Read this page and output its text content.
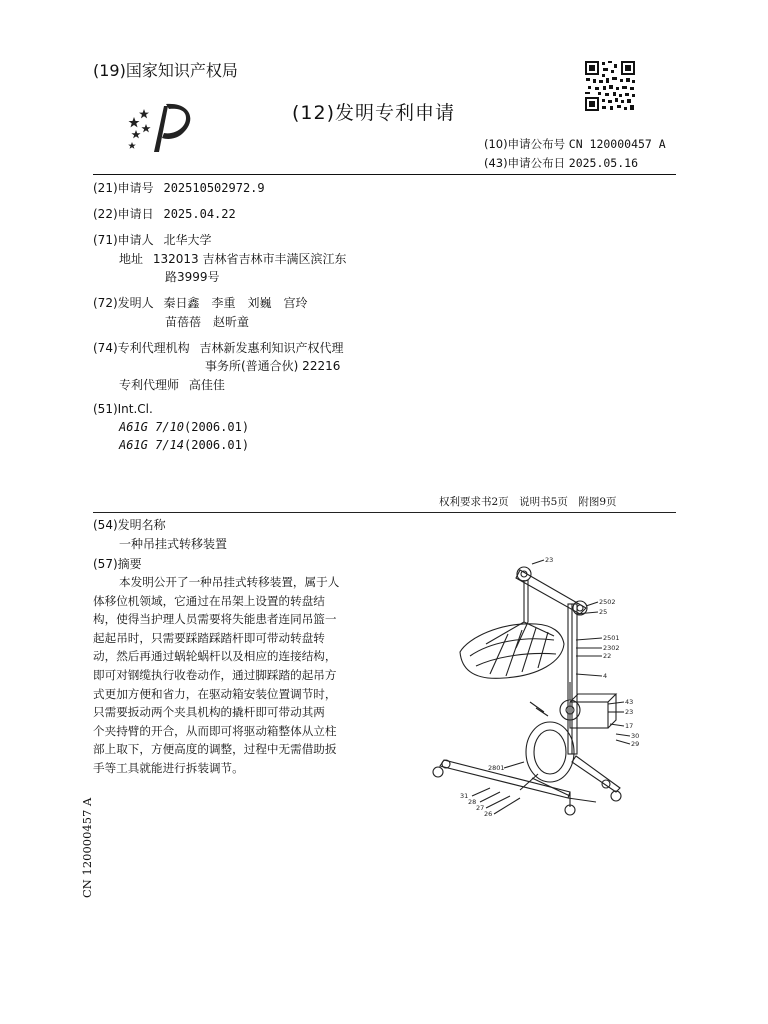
(19)国家知识产权局
(12)发明专利申请
(10)申请公布号 CN 120000457 A
(43)申请公布日 2025.05.16
(21)申请号 202510502972.9
(22)申请日 2025.04.22
(71)申请人 北华大学
地址 132013 吉林省吉林市丰满区滨江东
路3999号
(72)发明人 秦日鑫　李重　刘巍　宫玲
苗蓓蓓　赵昕童
(74)专利代理机构 吉林新发惠利知识产权代理
事务所(普通合伙) 22216
专利代理师 高佳佳
(51)Int.Cl.
A61G 7/10(2006.01)
A61G 7/14(2006.01)
权利要求书2页　说明书5页　附图9页
(54)发明名称
一种吊挂式转移装置
(57)摘要
本发明公开了一种吊挂式转移装置，属于人
体移位机领域，它通过在吊架上设置的转盘结
构，使得当护理人员需要将失能患者连同吊篮一
起起吊时，只需要踩踏踩踏杆即可带动转盘转
动，然后再通过蜗轮蜗杆以及相应的连接结构，
即可对钢缆执行收卷动作，通过脚踩踏的起吊方
式更加方便和省力，在驱动箱安装位置调节时，
只需要扳动两个夹具机构的撬杆即可带动其两
个夹持臂的开合，从而即可将驱动箱整体从立柱
部上取下，方便高度的调整，过程中无需借助扳
手等工具就能进行拆装调节。
23
2502
25
2501
2302
22
4
43
23
17
30
29
2801
31
28
27
26
CN 120000457 A
